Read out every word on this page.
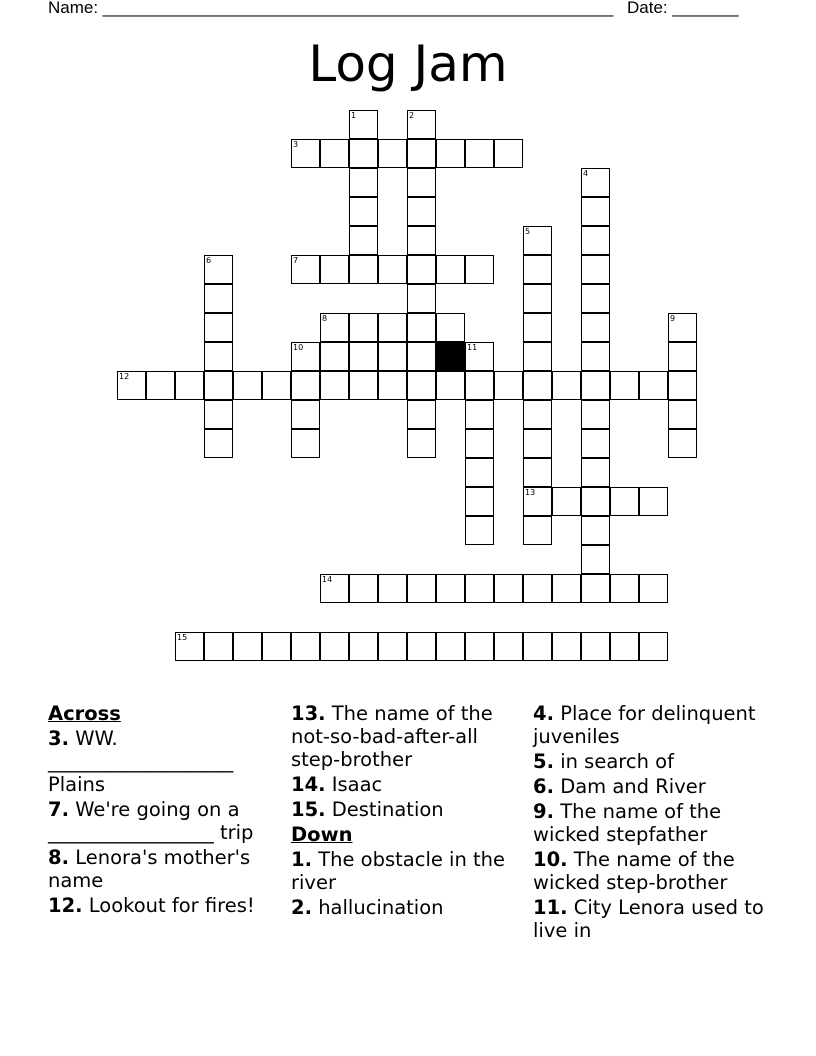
Name: ______________________________________________________ Date: _______
Log Jam
3
7
8
12
13
14
15
10
1	2
4
5
6
9
11
Across
3. WW. ___________________ Plains
7. We're going on a _________________ trip
8. Lenora's mother's name
12. Lookout for fires!
13. The name of the not-so-bad-after-all step-brother
14. Isaac
15. Destination
Down
1. The obstacle in the river
2. hallucination
4. Place for delinquent juveniles
5. in search of
6. Dam and River
9. The name of the wicked stepfather
10. The name of the wicked step-brother
11. City Lenora used to live in
